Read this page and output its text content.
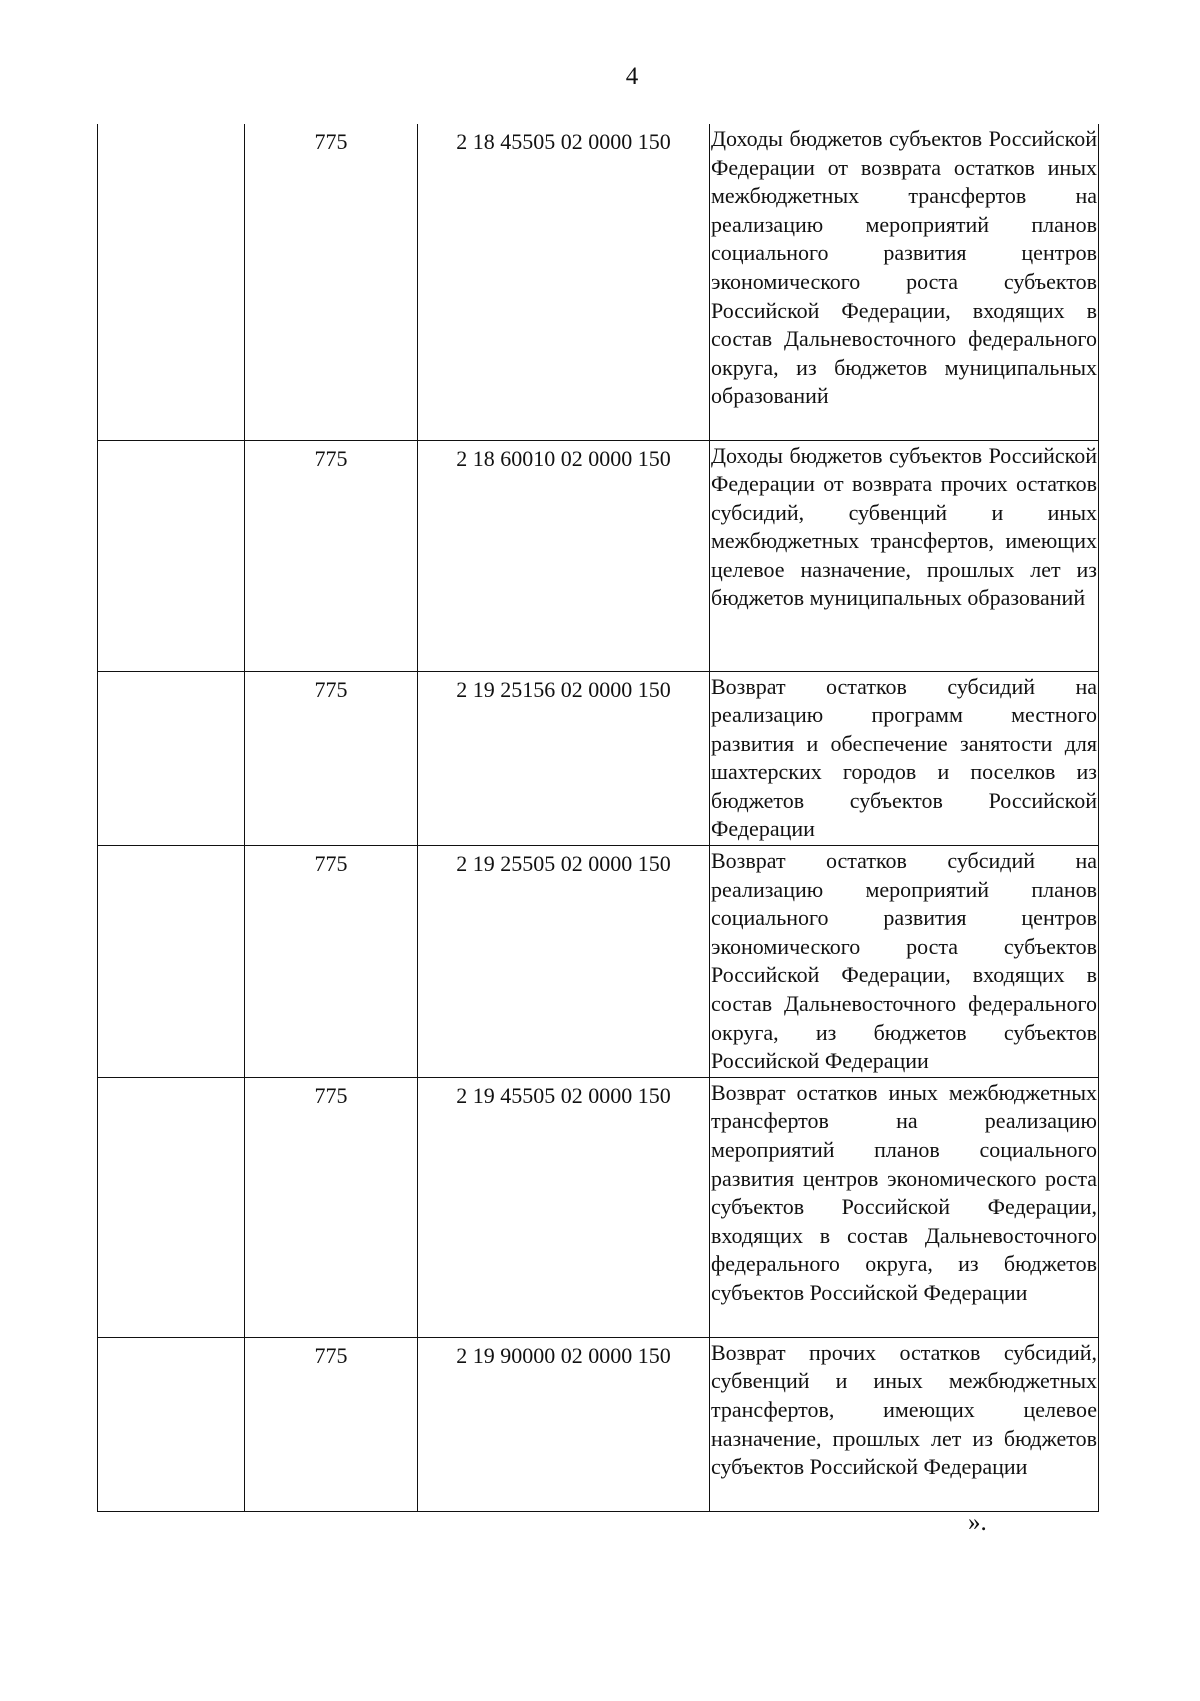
4
	775	2 18 45505 02 0000 150	Доходы бюджетов субъектов Российской Федерации от возврата остатков иных межбюджетных трансфертов на реализацию мероприятий планов социального развития центров экономического роста субъектов Российской Федерации, входящих в состав Дальневосточного федерального округа, из бюджетов муниципальных образований
	775	2 18 60010 02 0000 150	Доходы бюджетов субъектов Российской Федерации от возврата прочих остатков субсидий, субвенций и иных межбюджетных трансфертов, имеющих целевое назначение, прошлых лет из бюджетов муниципальных образований
	775	2 19 25156 02 0000 150	Возврат остатков субсидий на реализацию программ местного развития и обеспечение занятости для шахтерских городов и поселков из бюджетов субъектов Российской Федерации
	775	2 19 25505 02 0000 150	Возврат остатков субсидий на реализацию мероприятий планов социального развития центров экономического роста субъектов Российской Федерации, входящих в состав Дальневосточного федерального округа, из бюджетов субъектов Российской Федерации
	775	2 19 45505 02 0000 150	Возврат остатков иных межбюджетных трансфертов на реализацию мероприятий планов социального развития центров экономического роста субъектов Российской Федерации, входящих в состав Дальневосточного федерального округа, из бюджетов субъектов Российской Федерации
	775	2 19 90000 02 0000 150	Возврат прочих остатков субсидий, субвенций и иных межбюджетных трансфертов, имеющих целевое назначение, прошлых лет из бюджетов субъектов Российской Федерации
».
